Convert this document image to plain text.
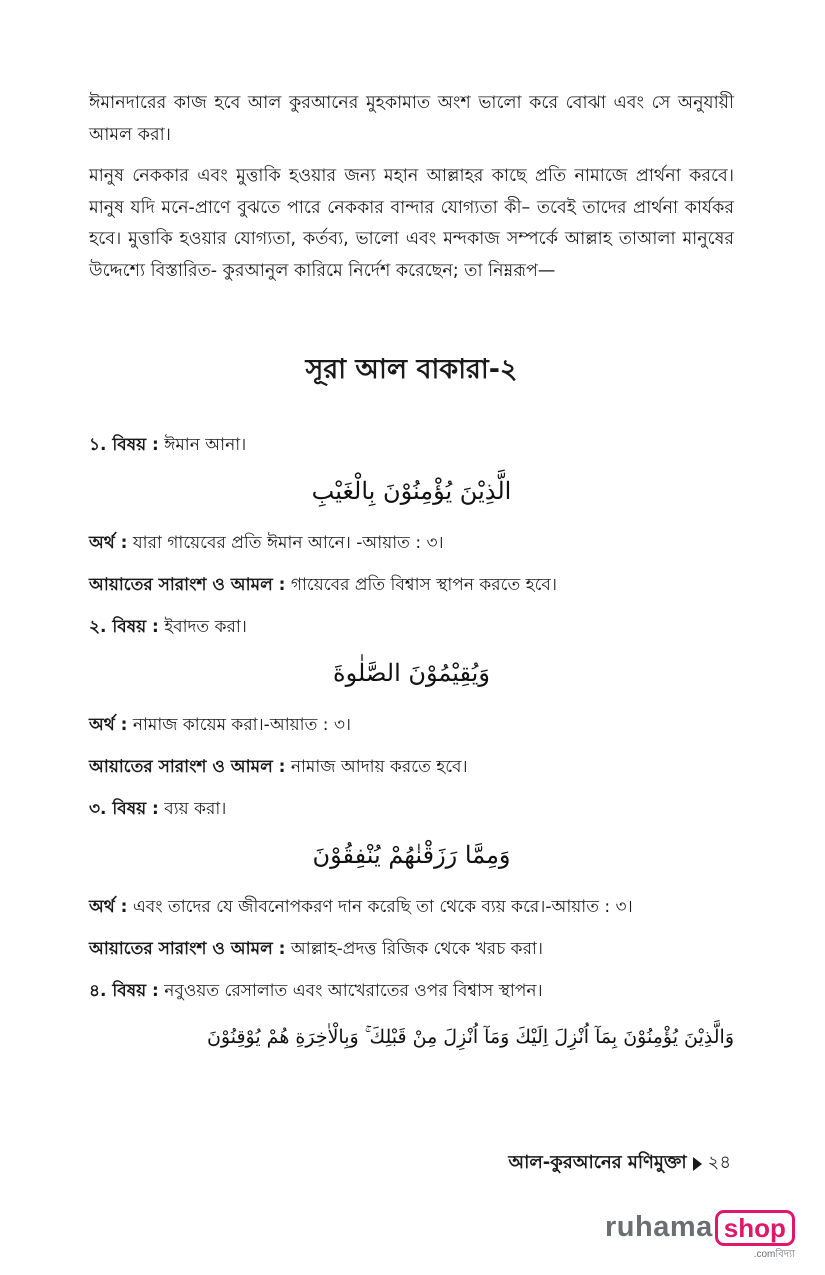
ঈমানদারের কাজ হবে আল কুরআনের মুহকামাত অংশ ভালো করে বোঝা এবং সে অনুযায়ী আমল করা।

মানুষ নেককার এবং মুত্তাকি হওয়ার জন্য মহান আল্লাহর কাছে প্রতি নামাজে প্রার্থনা করবে। মানুষ যদি মনে-প্রাণে বুঝতে পারে নেককার বান্দার যোগ্যতা কী– তবেই তাদের প্রার্থনা কার্যকর হবে। মুত্তাকি হওয়ার যোগ্যতা, কর্তব্য, ভালো এবং মন্দকাজ সম্পর্কে আল্লাহ তাআলা মানুষের উদ্দেশ্যে বিস্তারিত- কুরআনুল কারিমে নির্দেশ করেছেন; তা নিম্নরূপ—

সূরা আল বাকারা-২
১. বিষয় : ঈমান আনা।
الَّذِيْنَ يُؤْمِنُوْنَ بِالْغَيْبِ
অর্থ : যারা গায়েবের প্রতি ঈমান আনে। -আয়াত : ৩।
আয়াতের সারাংশ ও আমল : গায়েবের প্রতি বিশ্বাস স্থাপন করতে হবে।
২. বিষয় : ইবাদত করা।
وَيُقِيْمُوْنَ الصَّلٰوةَ
অর্থ : নামাজ কায়েম করা।-আয়াত : ৩।
আয়াতের সারাংশ ও আমল : নামাজ আদায় করতে হবে।
৩. বিষয় : ব্যয় করা।
وَمِمَّا رَزَقْنٰهُمْ يُنْفِقُوْنَ
অর্থ : এবং তাদের যে জীবনোপকরণ দান করেছি তা থেকে ব্যয় করে।-আয়াত : ৩।
আয়াতের সারাংশ ও আমল : আল্লাহ-প্রদত্ত রিজিক থেকে খরচ করা।
৪. বিষয় : নবুওয়ত রেসালাত এবং আখেরাতের ওপর বিশ্বাস স্থাপন।
وَالَّذِيْنَ يُؤْمِنُوْنَ بِمَآ اُنْزِلَ اِلَيْكَ وَمَآ اُنْزِلَ مِنْ قَبْلِكَ ۚ وَبِالْاٰخِرَةِ هُمْ يُوْقِنُوْنَ
আল-কুরআনের মণিমুক্তা ২৪
ruhama shop
.comবিদ্যা
